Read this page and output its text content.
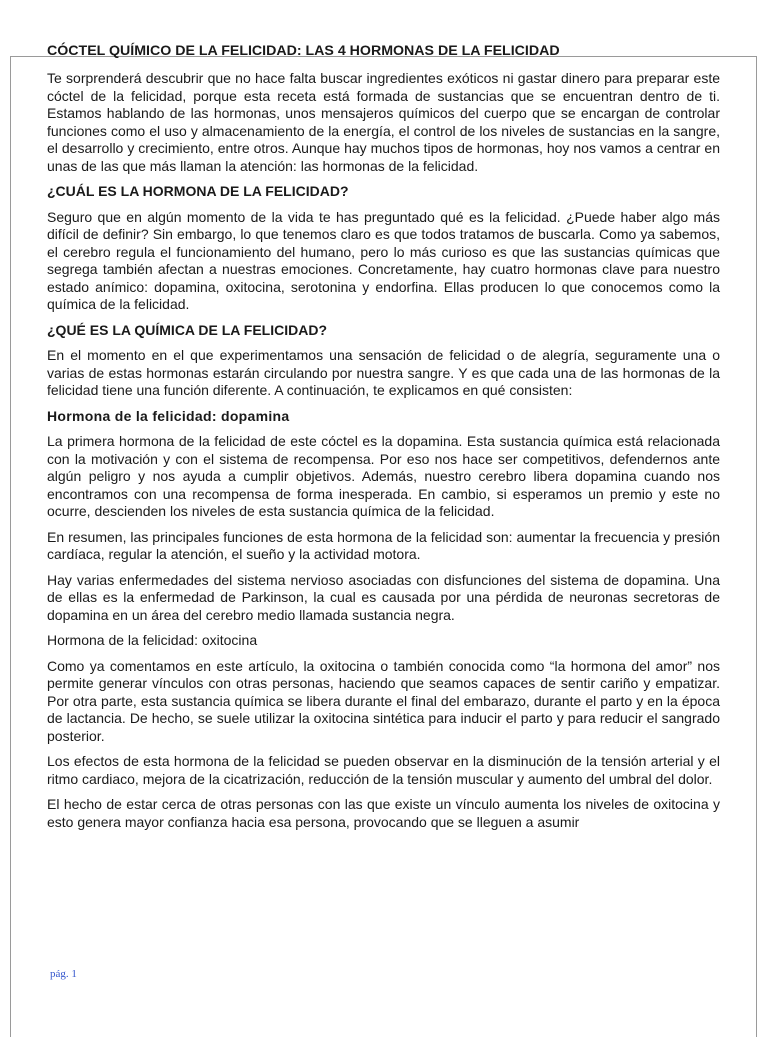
CÓCTEL QUÍMICO DE LA FELICIDAD: LAS 4 HORMONAS DE LA FELICIDAD

Te sorprenderá descubrir que no hace falta buscar ingredientes exóticos ni gastar dinero para preparar este cóctel de la felicidad, porque esta receta está formada de sustancias que se encuentran dentro de ti. Estamos hablando de las hormonas, unos mensajeros químicos del cuerpo que se encargan de controlar funciones como el uso y almacenamiento de la energía, el control de los niveles de sustancias en la sangre, el desarrollo y crecimiento, entre otros. Aunque hay muchos tipos de hormonas, hoy nos vamos a centrar en unas de las que más llaman la atención: las hormonas de la felicidad.

¿CUÁL ES LA HORMONA DE LA FELICIDAD?

Seguro que en algún momento de la vida te has preguntado qué es la felicidad. ¿Puede haber algo más difícil de definir? Sin embargo, lo que tenemos claro es que todos tratamos de buscarla. Como ya sabemos, el cerebro regula el funcionamiento del humano, pero lo más curioso es que las sustancias químicas que segrega también afectan a nuestras emociones. Concretamente, hay cuatro hormonas clave para nuestro estado anímico: dopamina, oxitocina, serotonina y endorfina. Ellas producen lo que conocemos como la química de la felicidad.

¿QUÉ ES LA QUÍMICA DE LA FELICIDAD?

En el momento en el que experimentamos una sensación de felicidad o de alegría, seguramente una o varias de estas hormonas estarán circulando por nuestra sangre. Y es que cada una de las hormonas de la felicidad tiene una función diferente. A continuación, te explicamos en qué consisten:

Hormona de la felicidad: dopamina

La primera hormona de la felicidad de este cóctel es la dopamina. Esta sustancia química está relacionada con la motivación y con el sistema de recompensa. Por eso nos hace ser competitivos, defendernos ante algún peligro y nos ayuda a cumplir objetivos. Además, nuestro cerebro libera dopamina cuando nos encontramos con una recompensa de forma inesperada. En cambio, si esperamos un premio y este no ocurre, descienden los niveles de esta sustancia química de la felicidad.

En resumen, las principales funciones de esta hormona de la felicidad son: aumentar la frecuencia y presión cardíaca, regular la atención, el sueño y la actividad motora.

Hay varias enfermedades del sistema nervioso asociadas con disfunciones del sistema de dopamina. Una de ellas es la enfermedad de Parkinson, la cual es causada por una pérdida de neuronas secretoras de dopamina en un área del cerebro medio llamada sustancia negra.

Hormona de la felicidad: oxitocina

Como ya comentamos en este artículo, la oxitocina o también conocida como “la hormona del amor” nos permite generar vínculos con otras personas, haciendo que seamos capaces de sentir cariño y empatizar. Por otra parte, esta sustancia química se libera durante el final del embarazo, durante el parto y en la época de lactancia. De hecho, se suele utilizar la oxitocina sintética para inducir el parto y para reducir el sangrado posterior.

Los efectos de esta hormona de la felicidad se pueden observar en la disminución de la tensión arterial y el ritmo cardiaco, mejora de la cicatrización, reducción de la tensión muscular y aumento del umbral del dolor.

El hecho de estar cerca de otras personas con las que existe un vínculo aumenta los niveles de oxitocina y esto genera mayor confianza hacia esa persona, provocando que se lleguen a asumir

pág. 1
